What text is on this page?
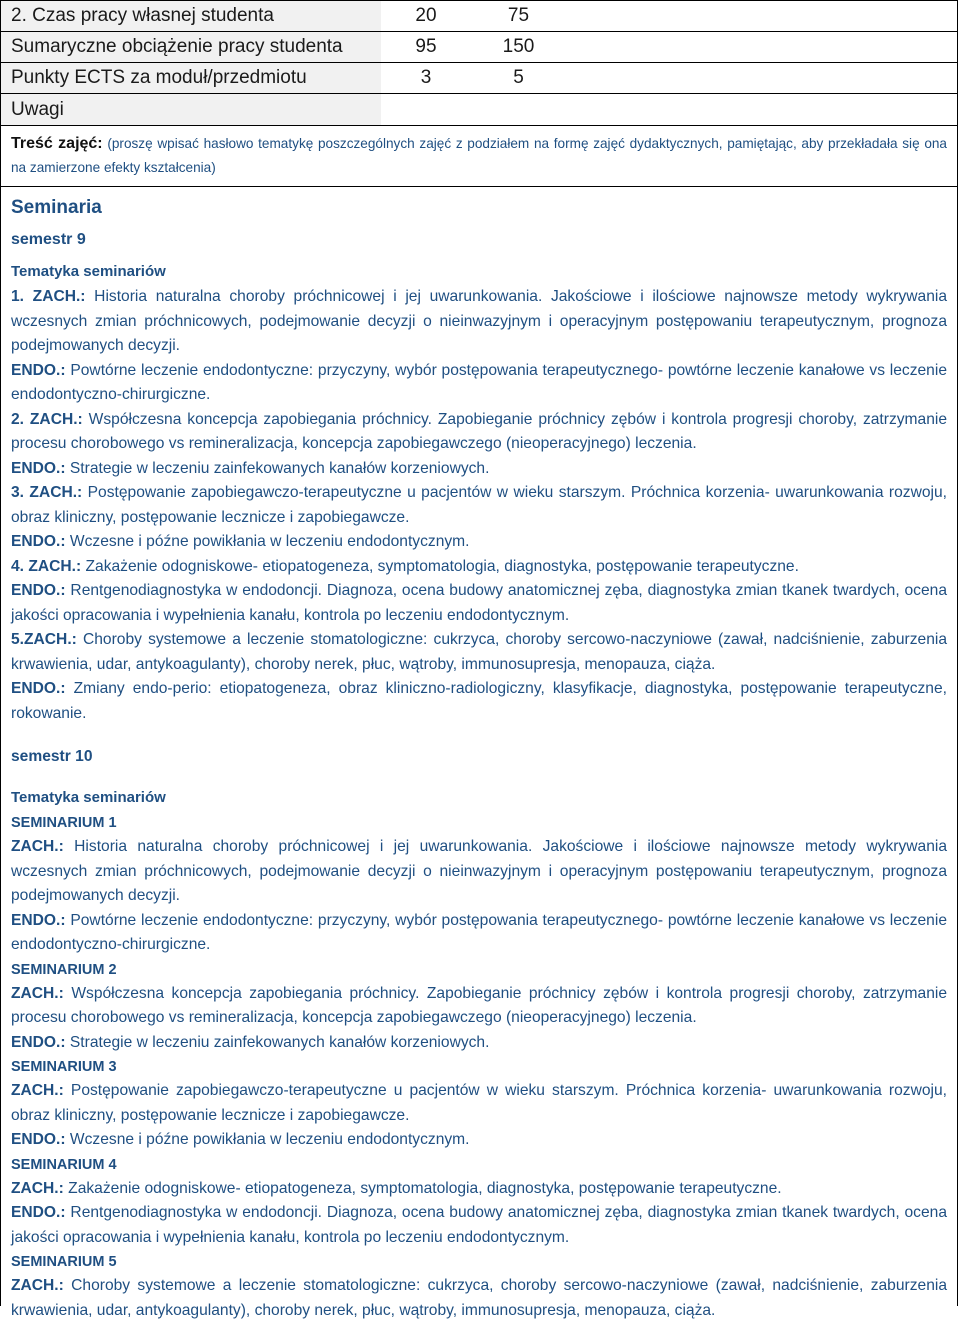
2. Czas pracy własnej studenta	20	75
Sumaryczne obciążenie pracy studenta	95	150
Punkty ECTS za moduł/przedmiotu	3	5
Uwagi

Treść zajęć: (proszę wpisać hasłowo tematykę poszczególnych zajęć z podziałem na formę zajęć dydaktycznych, pamiętając, aby przekładała się ona na zamierzone efekty kształcenia)

Seminaria
semestr 9
Tematyka seminariów

1. ZACH.: Historia naturalna choroby próchnicowej i jej uwarunkowania. Jakościowe i ilościowe najnowsze metody wykrywania wczesnych zmian próchnicowych, podejmowanie decyzji o nieinwazyjnym i operacyjnym postępowaniu terapeutycznym, prognoza podejmowanych decyzji.

ENDO.: Powtórne leczenie endodontyczne: przyczyny, wybór postępowania terapeutycznego- powtórne leczenie kanałowe vs leczenie endodontyczno-chirurgiczne.

2. ZACH.: Współczesna koncepcja zapobiegania próchnicy. Zapobieganie próchnicy zębów i kontrola progresji choroby, zatrzymanie procesu chorobowego vs remineralizacja, koncepcja zapobiegawczego (nieoperacyjnego) leczenia.

ENDO.: Strategie w leczeniu zainfekowanych kanałów korzeniowych.

3. ZACH.: Postępowanie zapobiegawczo-terapeutyczne u pacjentów w wieku starszym. Próchnica korzenia- uwarunkowania rozwoju, obraz kliniczny, postępowanie lecznicze i zapobiegawcze.

ENDO.: Wczesne i późne powikłania w leczeniu endodontycznym.

4. ZACH.: Zakażenie odogniskowe- etiopatogeneza, symptomatologia, diagnostyka, postępowanie terapeutyczne.

ENDO.: Rentgenodiagnostyka w endodoncji. Diagnoza, ocena budowy anatomicznej zęba, diagnostyka zmian tkanek twardych, ocena jakości opracowania i wypełnienia kanału, kontrola po leczeniu endodontycznym.

5.ZACH.: Choroby systemowe a leczenie stomatologiczne: cukrzyca, choroby sercowo-naczyniowe (zawał, nadciśnienie, zaburzenia krwawienia, udar, antykoagulanty), choroby nerek, płuc, wątroby, immunosupresja, menopauza, ciąża.

ENDO.: Zmiany endo-perio: etiopatogeneza, obraz kliniczno-radiologiczny, klasyfikacje, diagnostyka, postępowanie terapeutyczne, rokowanie.

semestr 10
Tematyka seminariów
SEMINARIUM 1

ZACH.: Historia naturalna choroby próchnicowej i jej uwarunkowania. Jakościowe i ilościowe najnowsze metody wykrywania wczesnych zmian próchnicowych, podejmowanie decyzji o nieinwazyjnym i operacyjnym postępowaniu terapeutycznym, prognoza podejmowanych decyzji.

ENDO.: Powtórne leczenie endodontyczne: przyczyny, wybór postępowania terapeutycznego- powtórne leczenie kanałowe vs leczenie endodontyczno-chirurgiczne.

SEMINARIUM 2

ZACH.: Współczesna koncepcja zapobiegania próchnicy. Zapobieganie próchnicy zębów i kontrola progresji choroby, zatrzymanie procesu chorobowego vs remineralizacja, koncepcja zapobiegawczego (nieoperacyjnego) leczenia.

ENDO.: Strategie w leczeniu zainfekowanych kanałów korzeniowych.

SEMINARIUM 3

ZACH.: Postępowanie zapobiegawczo-terapeutyczne u pacjentów w wieku starszym. Próchnica korzenia- uwarunkowania rozwoju, obraz kliniczny, postępowanie lecznicze i zapobiegawcze.

ENDO.: Wczesne i późne powikłania w leczeniu endodontycznym.

SEMINARIUM 4

ZACH.: Zakażenie odogniskowe- etiopatogeneza, symptomatologia, diagnostyka, postępowanie terapeutyczne.

ENDO.: Rentgenodiagnostyka w endodoncji. Diagnoza, ocena budowy anatomicznej zęba, diagnostyka zmian tkanek twardych, ocena jakości opracowania i wypełnienia kanału, kontrola po leczeniu endodontycznym.

SEMINARIUM 5

ZACH.: Choroby systemowe a leczenie stomatologiczne: cukrzyca, choroby sercowo-naczyniowe (zawał, nadciśnienie, zaburzenia krwawienia, udar, antykoagulanty), choroby nerek, płuc, wątroby, immunosupresja, menopauza, ciąża.
